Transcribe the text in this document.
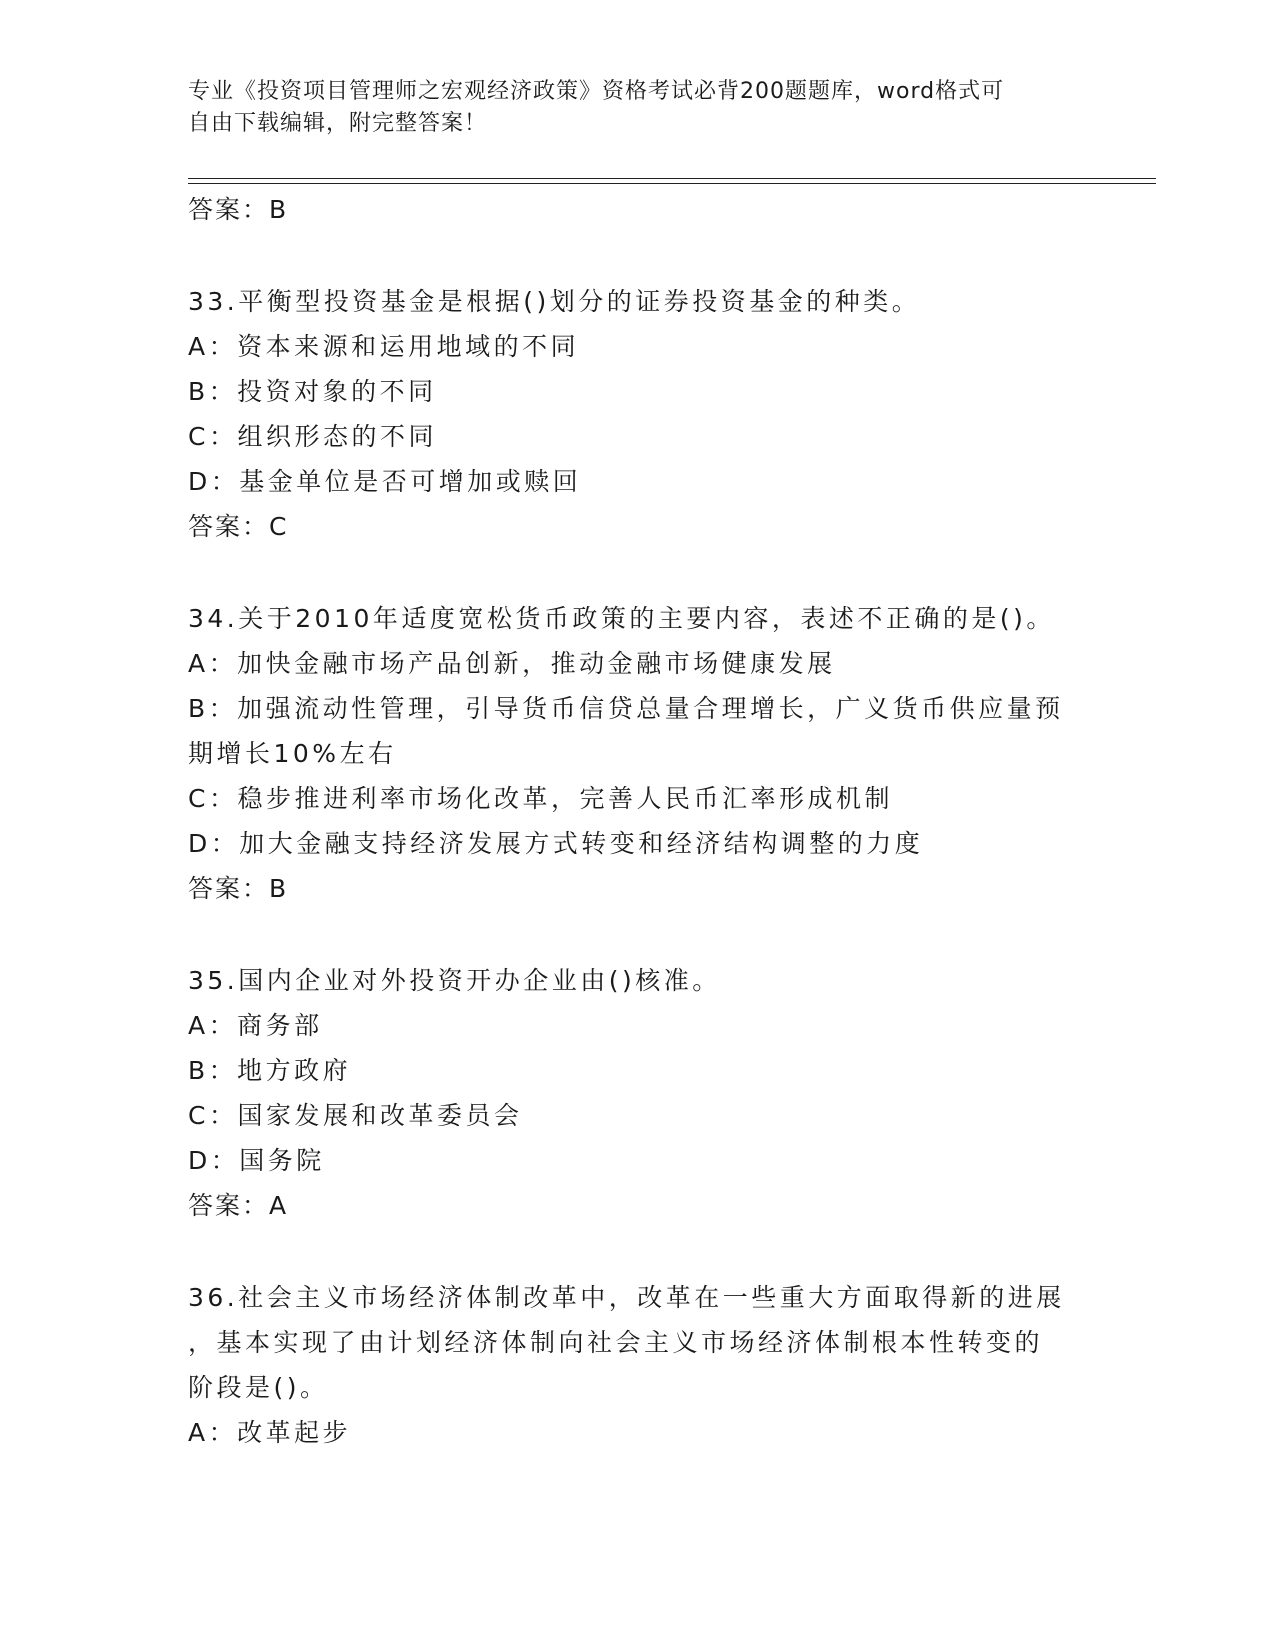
专业《投资项目管理师之宏观经济政策》资格考试必背200题题库，word格式可
自由下载编辑，附完整答案！
答案：B
33.平衡型投资基金是根据()划分的证券投资基金的种类。
A：资本来源和运用地域的不同
B：投资对象的不同
C：组织形态的不同
D：基金单位是否可增加或赎回
答案：C
34.关于2010年适度宽松货币政策的主要内容，表述不正确的是()。
A：加快金融市场产品创新，推动金融市场健康发展
B：加强流动性管理，引导货币信贷总量合理增长，广义货币供应量预
期增长10%左右
C：稳步推进利率市场化改革，完善人民币汇率形成机制
D：加大金融支持经济发展方式转变和经济结构调整的力度
答案：B
35.国内企业对外投资开办企业由()核准。
A：商务部
B：地方政府
C：国家发展和改革委员会
D：国务院
答案：A
36.社会主义市场经济体制改革中，改革在一些重大方面取得新的进展
，基本实现了由计划经济体制向社会主义市场经济体制根本性转变的
阶段是()。
A：改革起步
